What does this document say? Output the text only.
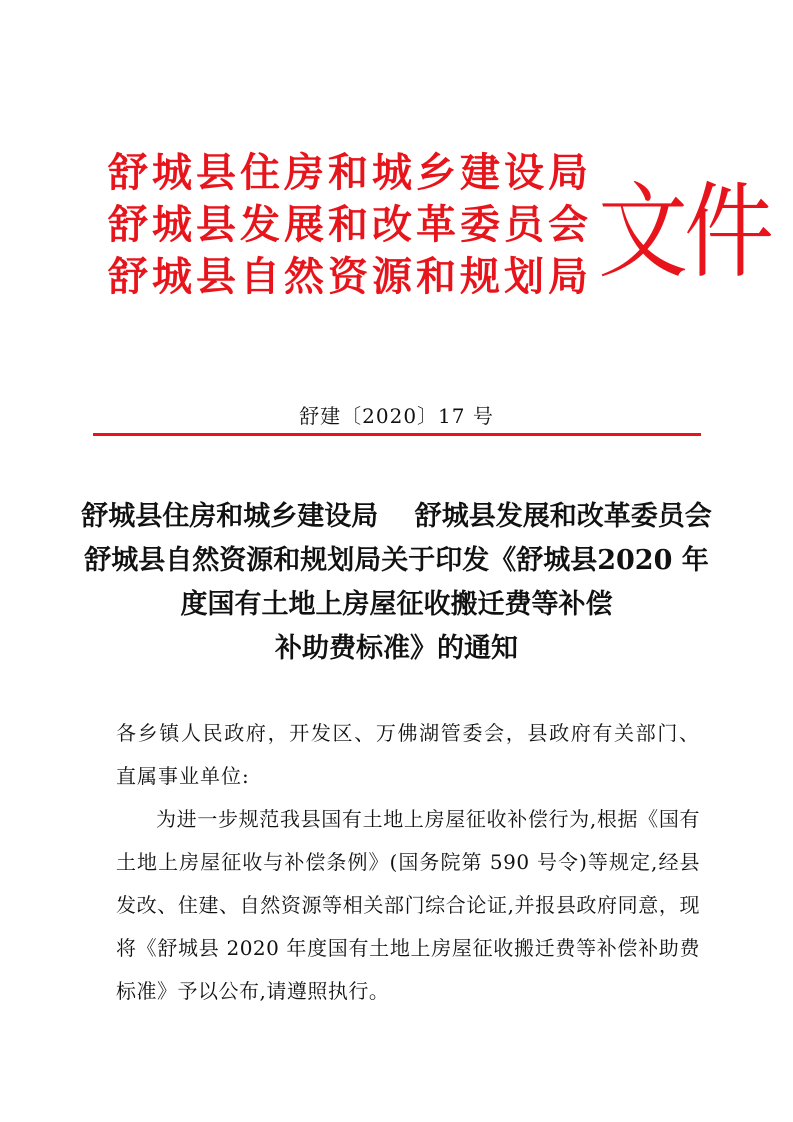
舒城县住房和城乡建设局
舒城县发展和改革委员会
舒城县自然资源和规划局 文件
舒建〔2020〕17 号
舒城县住房和城乡建设局　 舒城县发展和改革委员会
舒城县自然资源和规划局关于印发《舒城县2020 年
度国有土地上房屋征收搬迁费等补偿
补助费标准》的通知

各乡镇人民政府，开发区、万佛湖管委会，县政府有关部门、直属事业单位:

为进一步规范我县国有土地上房屋征收补偿行为,根据《国有土地上房屋征收与补偿条例》(国务院第 590 号令)等规定,经县发改、住建、自然资源等相关部门综合论证,并报县政府同意，现将《舒城县 2020 年度国有土地上房屋征收搬迁费等补偿补助费标准》予以公布,请遵照执行。
